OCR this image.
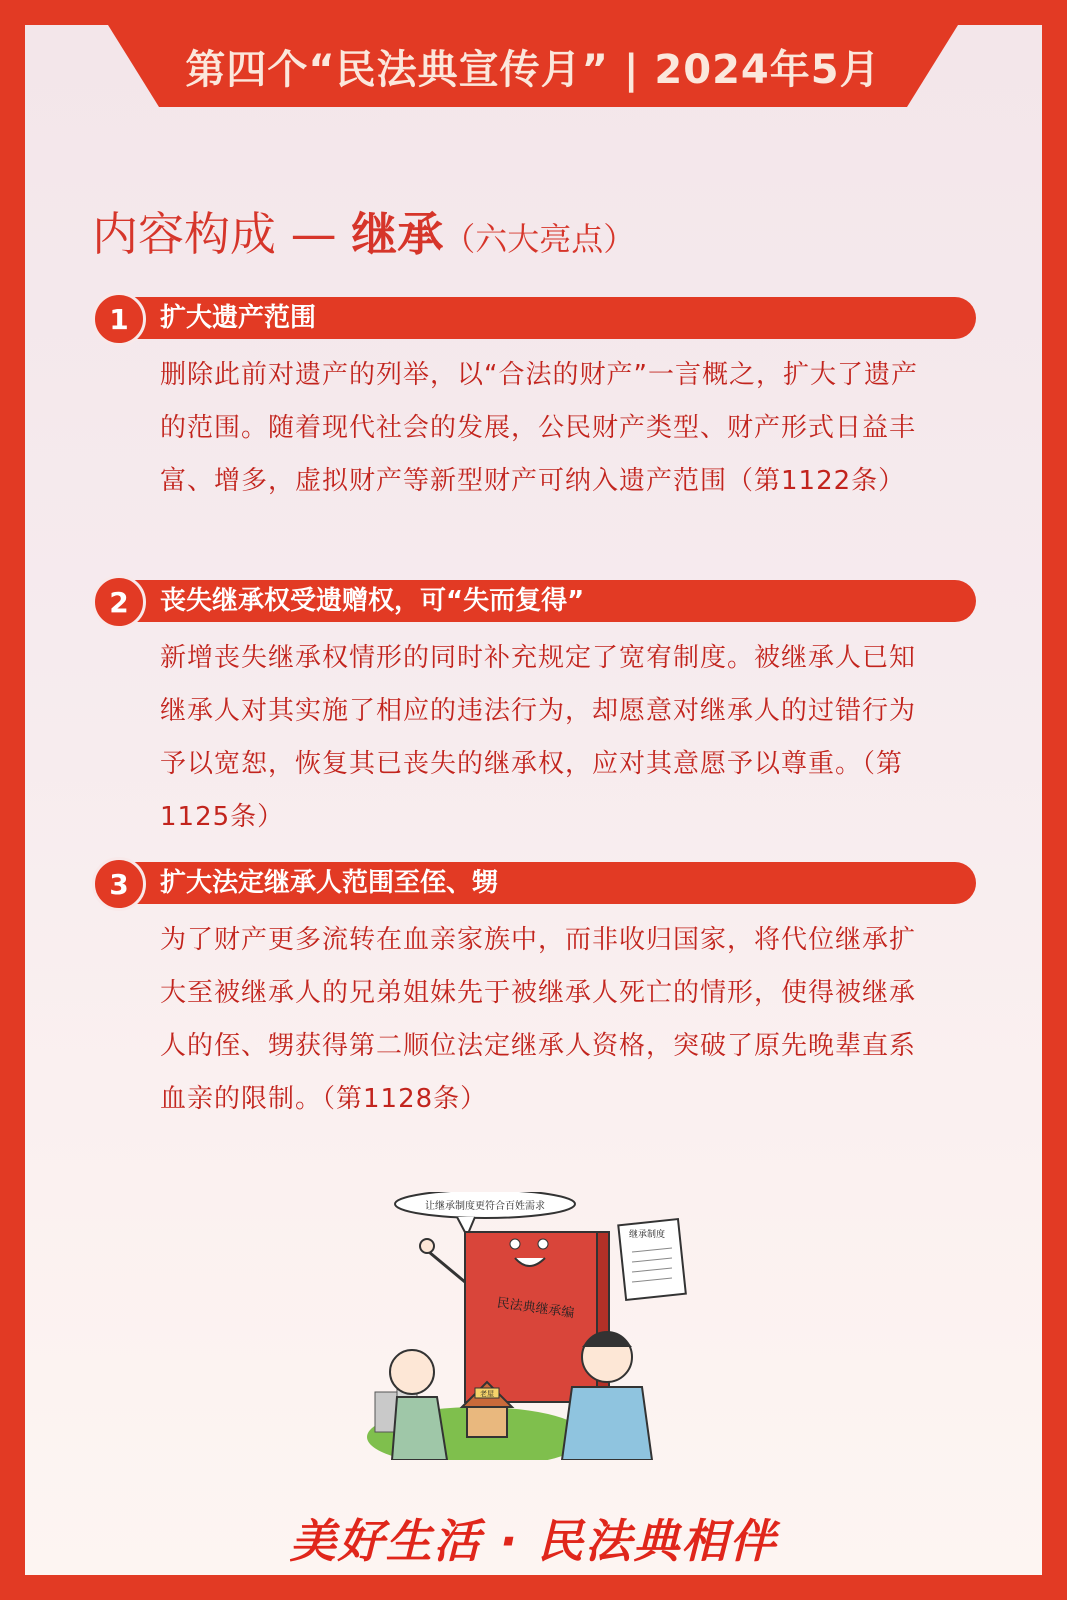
第四个“民法典宣传月” | 2024年5月
内容构成 — 继承（六大亮点）
1	扩大遗产范围
删除此前对遗产的列举，以“合法的财产”一言概之，扩大了遗产的范围。随着现代社会的发展，公民财产类型、财产形式日益丰富、增多，虚拟财产等新型财产可纳入遗产范围（第1122条）
2	丧失继承权受遗赠权，可“失而复得”
新增丧失继承权情形的同时补充规定了宽宥制度。被继承人已知继承人对其实施了相应的违法行为，却愿意对继承人的过错行为予以宽恕，恢复其已丧失的继承权，应对其意愿予以尊重。（第1125条）
3	扩大法定继承人范围至侄、甥
为了财产更多流转在血亲家族中，而非收归国家，将代位继承扩大至被继承人的兄弟姐妹先于被继承人死亡的情形，使得被继承人的侄、甥获得第二顺位法定继承人资格，突破了原先晚辈直系血亲的限制。（第1128条）
让继承制度更符合百姓需求
民法典继承编
继承制度
老屋
美好生活 · 民法典相伴
